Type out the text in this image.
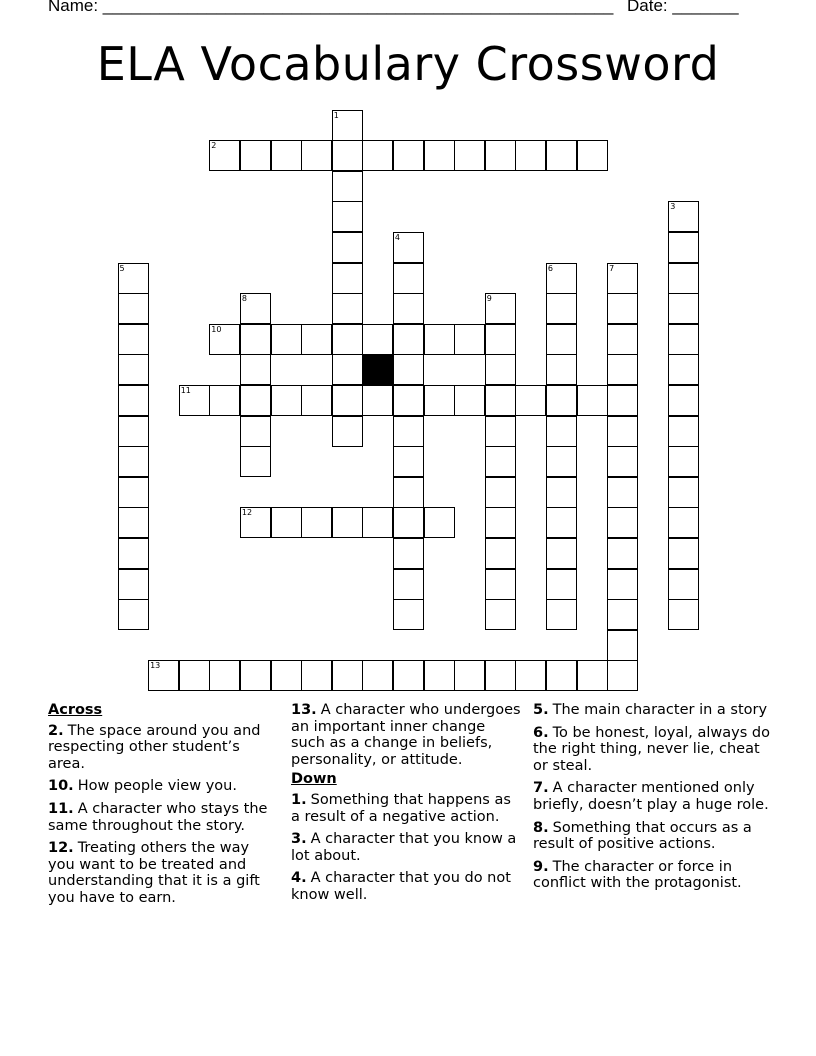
Name: ______________________________________________________ Date: _______
ELA Vocabulary Crossword
1
2
3
4
5	6	7
8	9
10
11
12
13
Across
2. The space around you and respecting other student’s area.
10. How people view you.
11. A character who stays the same throughout the story.
12. Treating others the way you want to be treated and understanding that it is a gift you have to earn.
13. A character who undergoes an important inner change such as a change in beliefs, personality, or attitude.
Down
1. Something that happens as a result of a negative action.
3. A character that you know a lot about.
4. A character that you do not know well.
5. The main character in a story
6. To be honest, loyal, always do the right thing, never lie, cheat or steal.
7. A character mentioned only briefly, doesn’t play a huge role.
8. Something that occurs as a result of positive actions.
9. The character or force in conflict with the protagonist.
